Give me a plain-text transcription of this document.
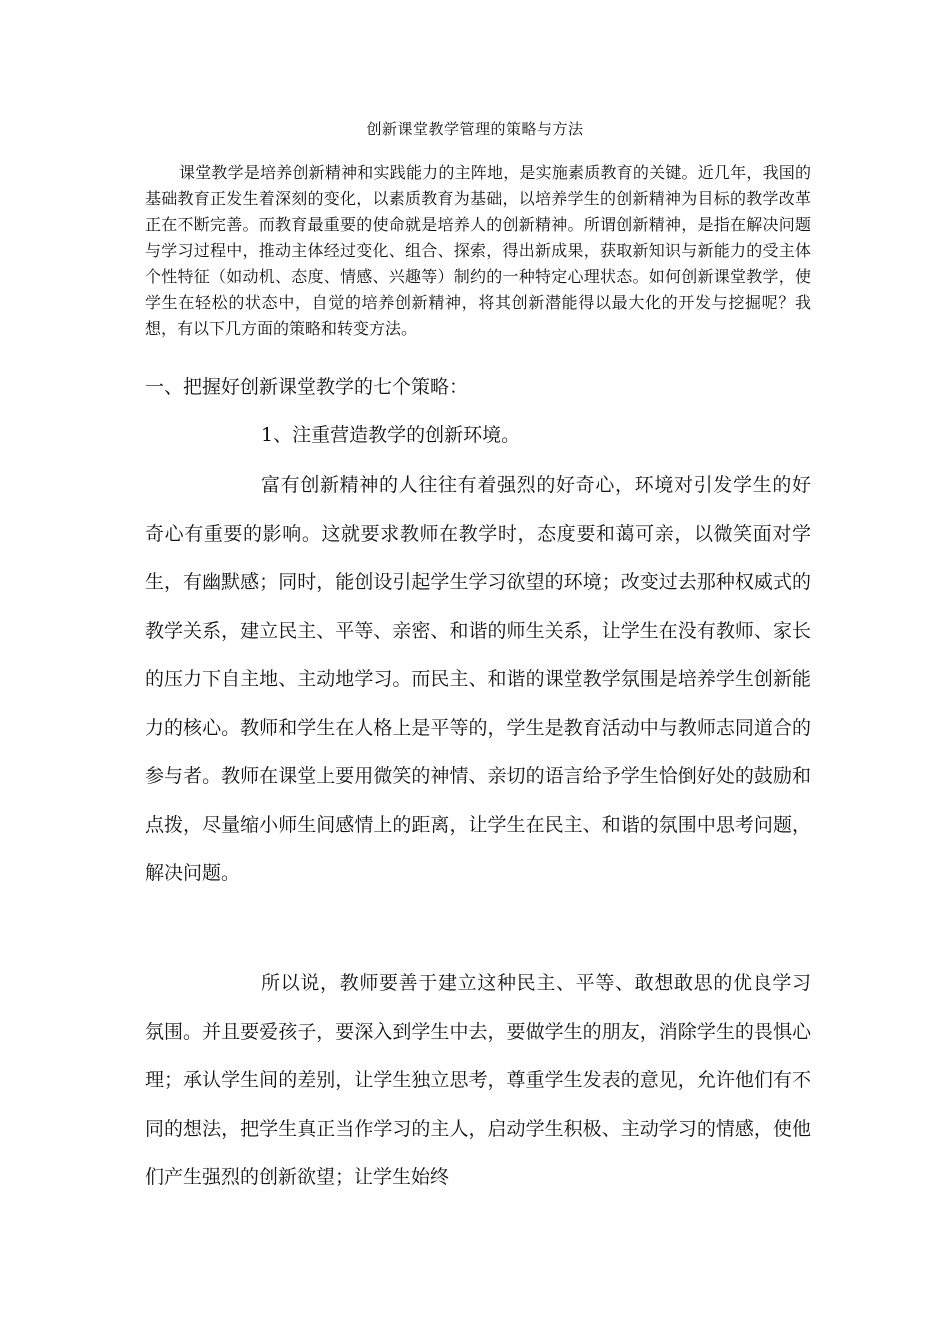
创新课堂教学管理的策略与方法

课堂教学是培养创新精神和实践能力的主阵地，是实施素质教育的关键。近几年，我国的基础教育正发生着深刻的变化，以素质教育为基础，以培养学生的创新精神为目标的教学改革正在不断完善。而教育最重要的使命就是培养人的创新精神。所谓创新精神，是指在解决问题与学习过程中，推动主体经过变化、组合、探索，得出新成果，获取新知识与新能力的受主体个性特征（如动机、态度、情感、兴趣等）制约的一种特定心理状态。如何创新课堂教学，使学生在轻松的状态中，自觉的培养创新精神，将其创新潜能得以最大化的开发与挖掘呢？我想，有以下几方面的策略和转变方法。

一、把握好创新课堂教学的七个策略：

1、注重营造教学的创新环境。

富有创新精神的人往往有着强烈的好奇心，环境对引发学生的好奇心有重要的影响。这就要求教师在教学时，态度要和蔼可亲，以微笑面对学生，有幽默感；同时，能创设引起学生学习欲望的环境；改变过去那种权威式的教学关系，建立民主、平等、亲密、和谐的师生关系，让学生在没有教师、家长的压力下自主地、主动地学习。而民主、和谐的课堂教学氛围是培养学生创新能力的核心。教师和学生在人格上是平等的，学生是教育活动中与教师志同道合的参与者。教师在课堂上要用微笑的神情、亲切的语言给予学生恰倒好处的鼓励和点拨，尽量缩小师生间感情上的距离，让学生在民主、和谐的氛围中思考问题，解决问题。

所以说，教师要善于建立这种民主、平等、敢想敢思的优良学习氛围。并且要爱孩子，要深入到学生中去，要做学生的朋友，消除学生的畏惧心理；承认学生间的差别，让学生独立思考，尊重学生发表的意见，允许他们有不同的想法，把学生真正当作学习的主人，启动学生积极、主动学习的情感，使他们产生强烈的创新欲望；让学生始终
